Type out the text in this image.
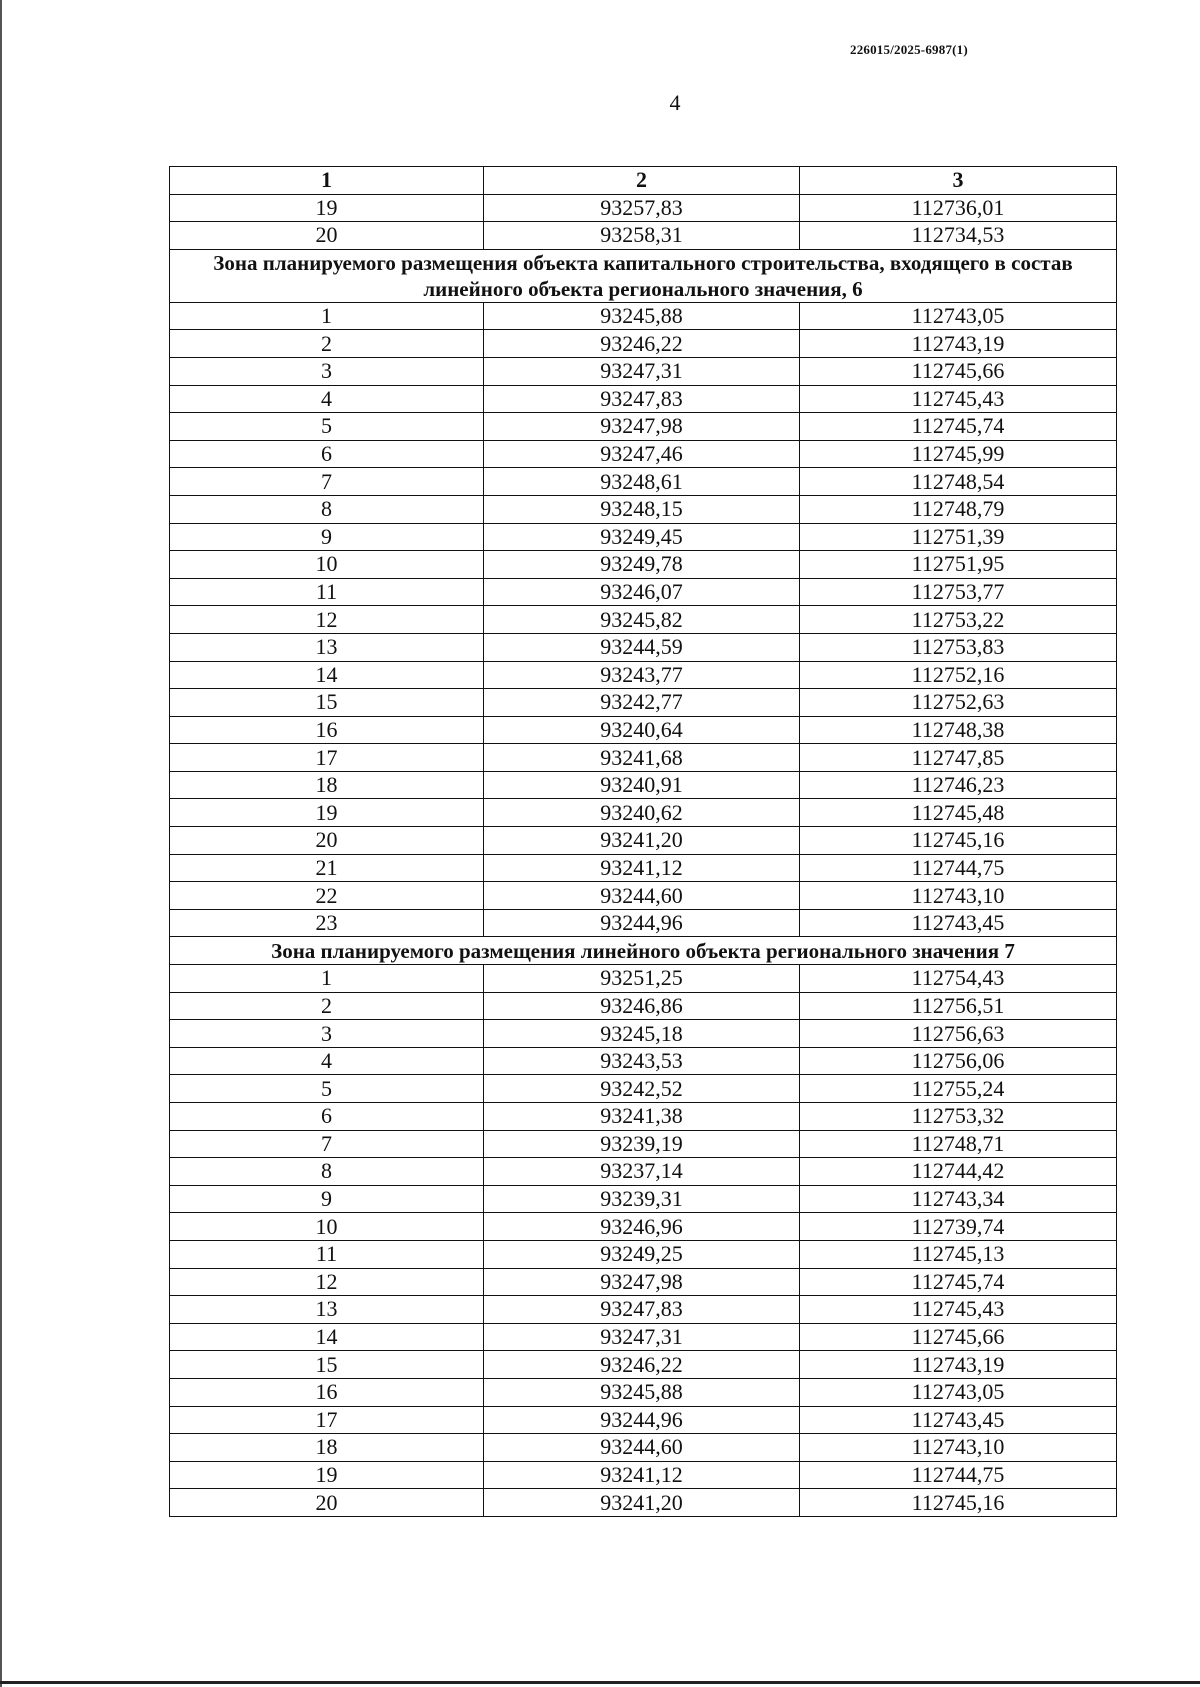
226015/2025-6987(1)
4
1	2	3
19	93257,83	112736,01
20	93258,31	112734,53
Зона планируемого размещения объекта капитального строительства, входящего в состав линейного объекта регионального значения, 6		
1	93245,88	112743,05
2	93246,22	112743,19
3	93247,31	112745,66
4	93247,83	112745,43
5	93247,98	112745,74
6	93247,46	112745,99
7	93248,61	112748,54
8	93248,15	112748,79
9	93249,45	112751,39
10	93249,78	112751,95
11	93246,07	112753,77
12	93245,82	112753,22
13	93244,59	112753,83
14	93243,77	112752,16
15	93242,77	112752,63
16	93240,64	112748,38
17	93241,68	112747,85
18	93240,91	112746,23
19	93240,62	112745,48
20	93241,20	112745,16
21	93241,12	112744,75
22	93244,60	112743,10
23	93244,96	112743,45
Зона планируемого размещения линейного объекта регионального значения 7		
1	93251,25	112754,43
2	93246,86	112756,51
3	93245,18	112756,63
4	93243,53	112756,06
5	93242,52	112755,24
6	93241,38	112753,32
7	93239,19	112748,71
8	93237,14	112744,42
9	93239,31	112743,34
10	93246,96	112739,74
11	93249,25	112745,13
12	93247,98	112745,74
13	93247,83	112745,43
14	93247,31	112745,66
15	93246,22	112743,19
16	93245,88	112743,05
17	93244,96	112743,45
18	93244,60	112743,10
19	93241,12	112744,75
20	93241,20	112745,16
